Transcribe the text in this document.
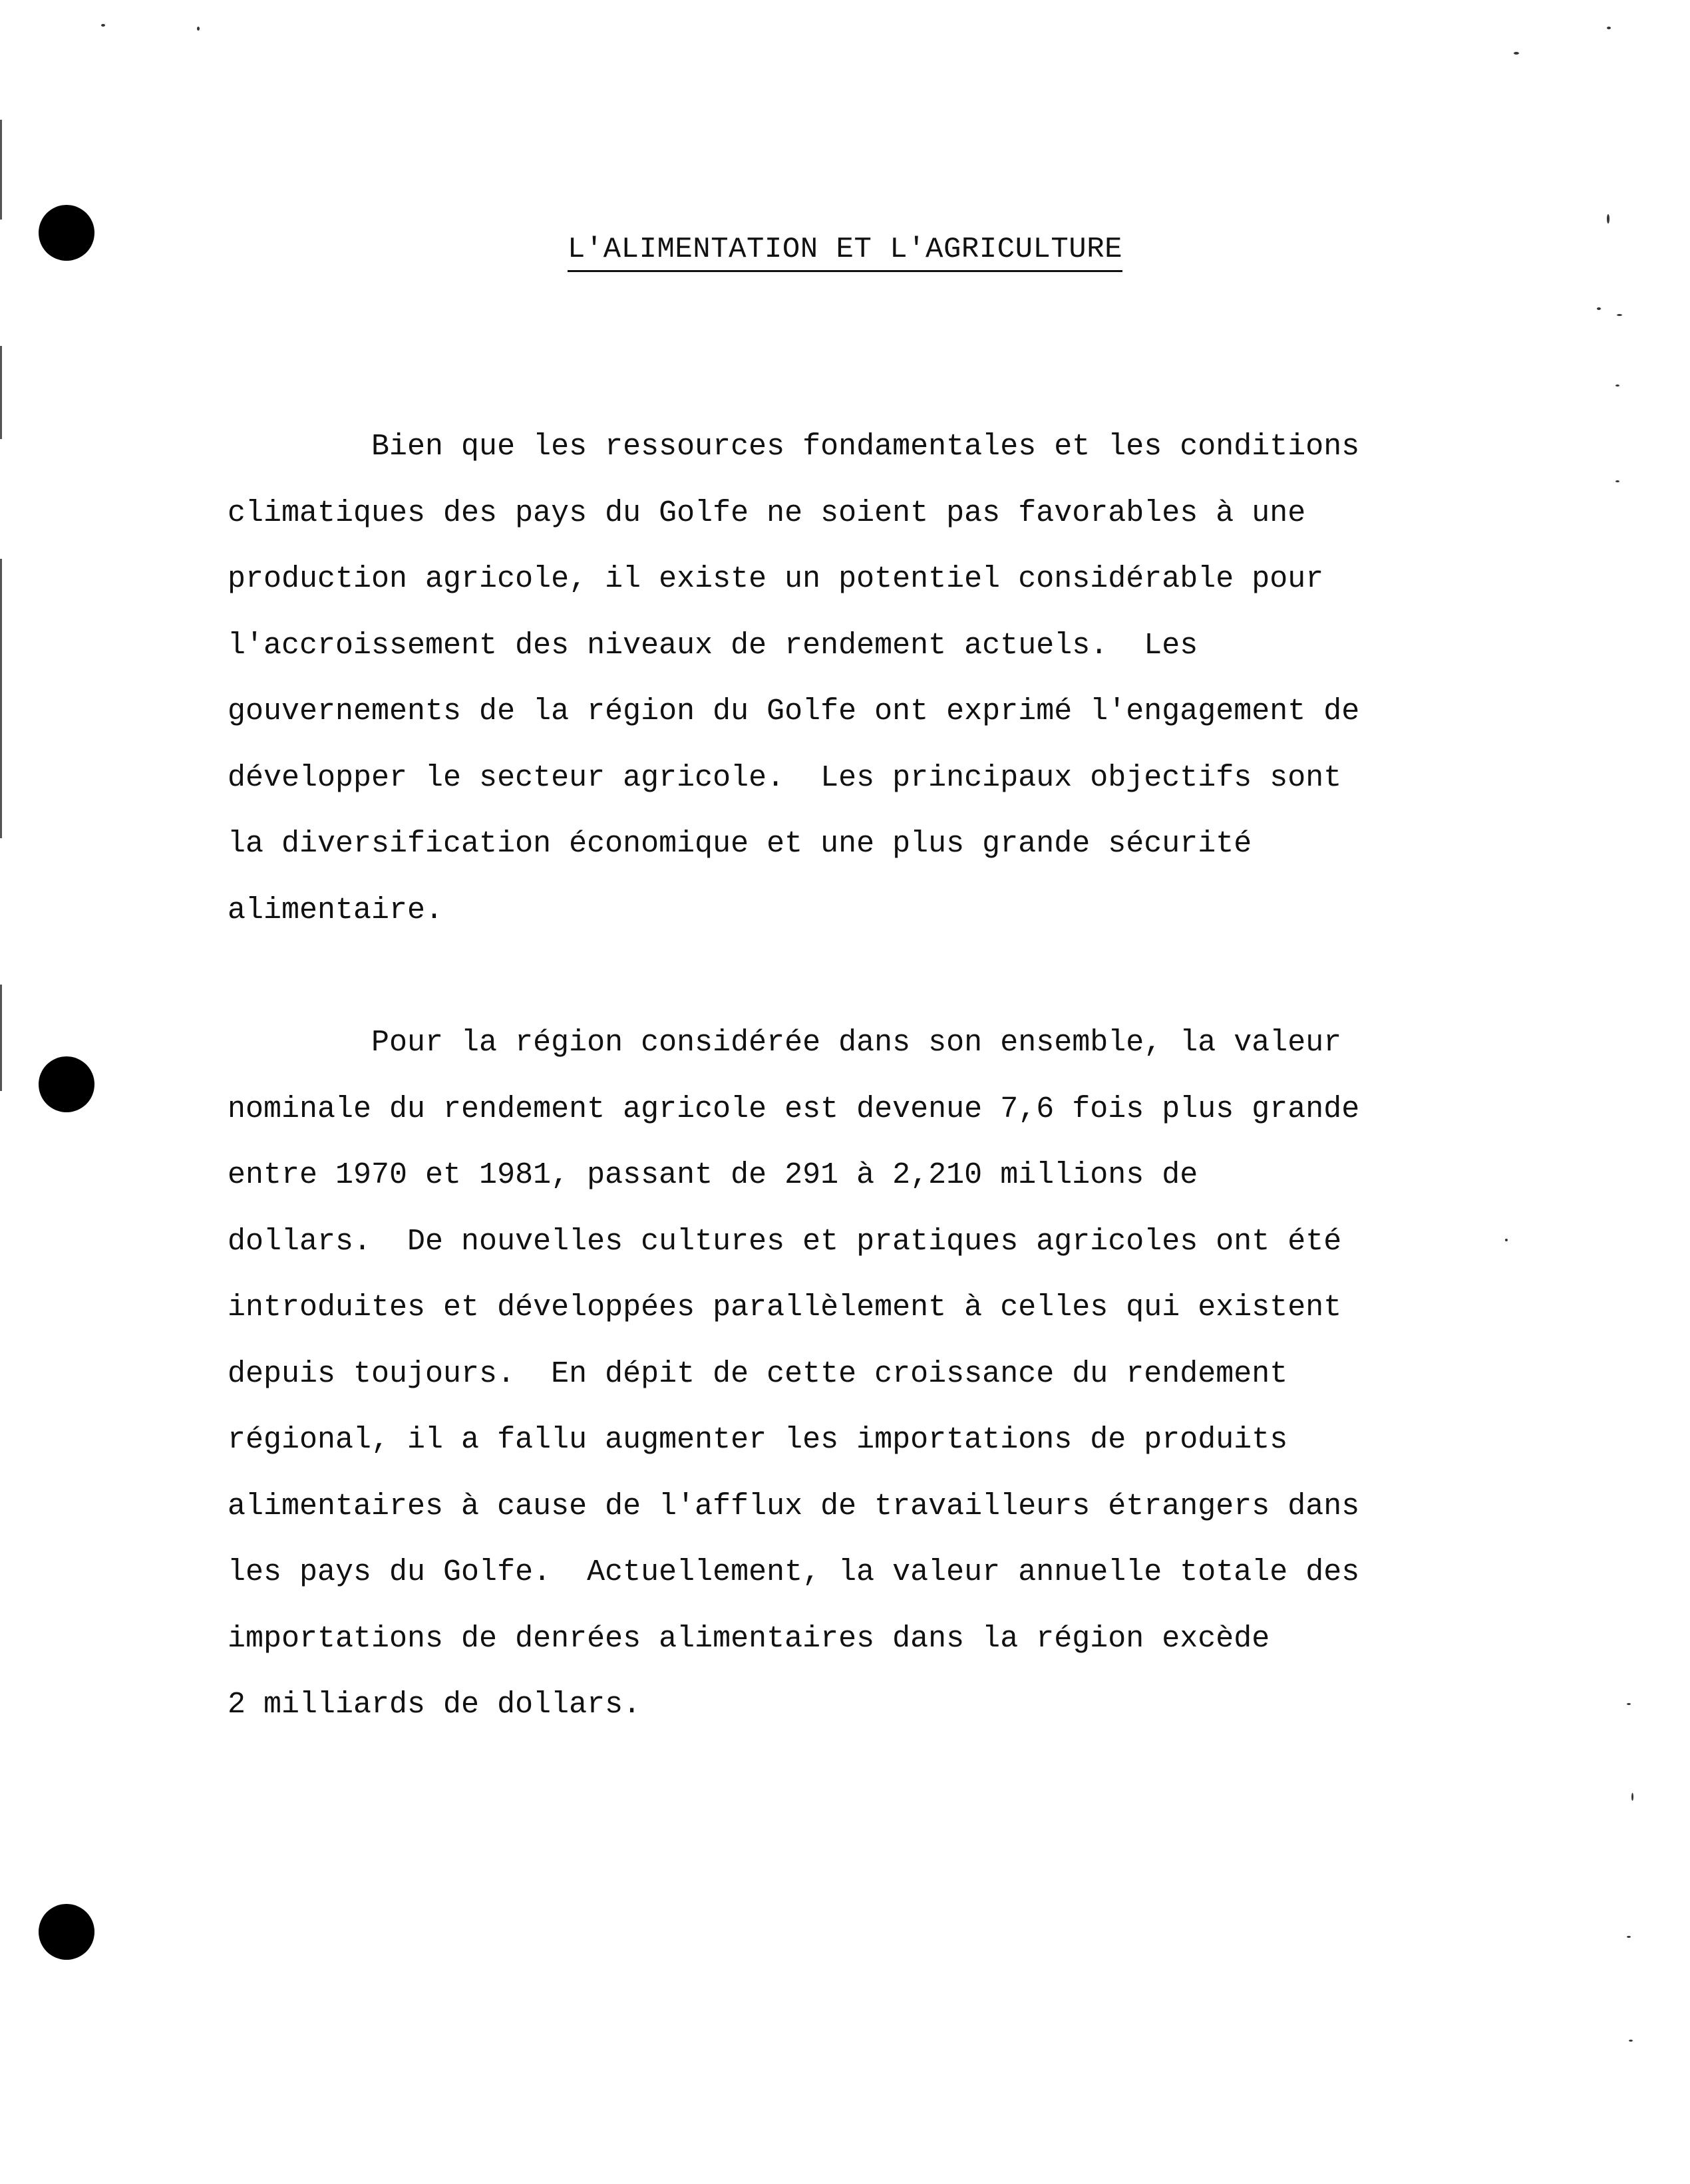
L'ALIMENTATION ET L'AGRICULTURE
Bien que les ressources fondamentales et les conditions
climatiques des pays du Golfe ne soient pas favorables à une
production agricole, il existe un potentiel considérable pour
l'accroissement des niveaux de rendement actuels.  Les
gouvernements de la région du Golfe ont exprimé l'engagement de
développer le secteur agricole.  Les principaux objectifs sont
la diversification économique et une plus grande sécurité
alimentaire.
Pour la région considérée dans son ensemble, la valeur
nominale du rendement agricole est devenue 7,6 fois plus grande
entre 1970 et 1981, passant de 291 à 2,210 millions de
dollars.  De nouvelles cultures et pratiques agricoles ont été
introduites et développées parallèlement à celles qui existent
depuis toujours.  En dépit de cette croissance du rendement
régional, il a fallu augmenter les importations de produits
alimentaires à cause de l'afflux de travailleurs étrangers dans
les pays du Golfe.  Actuellement, la valeur annuelle totale des
importations de denrées alimentaires dans la région excède
2 milliards de dollars.
